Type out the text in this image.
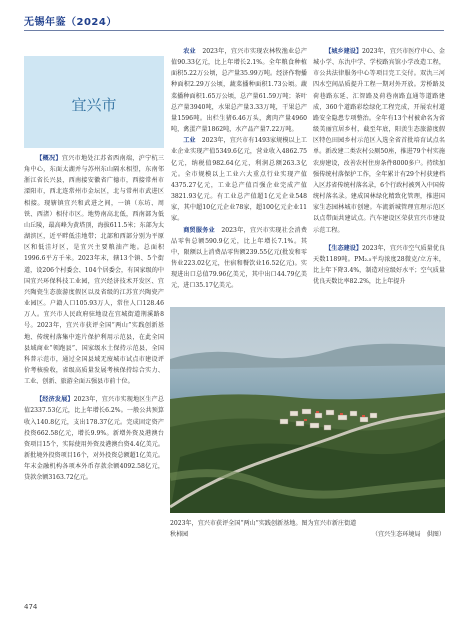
无锡年鉴（2024）
宜兴市

【概况】宜兴市地处江苏省西南端，沪宁杭三角中心，东面太湖并与苏州东山隔水相望，东南邻浙江省长兴县，西南接安徽省广德市，西接常州市溧阳市，西北连常州市金坛区，北与常州市武进区相接。现辖镇宜兴和武进之间，一镇（东坊、周铁、西渚）相付市区。地势南高北低，西南部为低山丘陵，最高峰为黄塔顶，海拔611.5米；东部为太湖滨区，近平畔低洼地带；北部和西部分别为平原区和低洼圩区，是宜兴主要粮油产地。总面积1996.6平方千米。2023年末，辖13个镇、5个街道，设206个村委会、104个居委会，有国家级的中国宜兴环保科技工业园，宜兴经济技术开发区、宜兴陶瓷生态旅游度假区以及省级的江苏宜兴陶瓷产业园区。户籍人口105.93万人，常住人口128.46万人。宜兴市人民政府驻地设在宜城街道荆溪路8号。2023年，宜兴市获评全国“两山”实践创新基地、传统村落集中连片保护利用示范县，在此全国县域商业“领跑县”、国家级水土保持示范县，全国科普示范市，通过全国县域无废城市试点市建设评价考核验收，省级高质量发展考核保持综合实力、工业、创新、旅游全面五强县市前十位。

【经济发展】2023年，宜兴市实现地区生产总值2337.53亿元，比上年增长6.2%。一般公共预算收入140.8亿元，支出178.37亿元。完成固定资产投资662.58亿元，增长9.9%。新增外资及港澳台资项目15个，实际使用外资及港澳台资4.4亿美元。新批境外投资项目16个，对外投资总额超1亿美元。年末金融机构各项本外币存款余额4092.58亿元，贷款余额3163.72亿元。

农业　 2023年，宜兴市实现农林牧渔业总产值90.33亿元，比上年增长2.1%。全年粮食种植面积5.22万公顷，总产量35.99万吨。经济作物播种面积2.29万公顷，蔬菜播种面积1.73公顷。蔬菜播种面积1.65万公顷，总产量61.59万吨；茶叶总产量3940吨，水果总产量3.33万吨，干果总产量1596吨。出栏生猪6.46万头，禽肉产量4960吨，禽蛋产量1862吨，水产品产量7.22万吨。

工业　 2023年，宜兴市有1493家规模以上工业企业实现产值5349.6亿元，营业收入4862.75亿元，纳税值982.64亿元，利润总额263.3亿元。全市规模以上工业六大重点行业实现产值4375.27亿元，工业总产值百强企业完成产值3821.93亿元。有工业总产值超1亿元企业548家，其中超10亿元企业78家，超100亿元企业11家。

商贸服务业　 2023年，宜兴市实现社会消费品零售总额590.9亿元，比上年增长7.1%。其中，限额以上消费品零售额239.55亿元(批发和零售业223.02亿元，住宿和餐饮业16.52亿元)。实现进出口总值79.96亿美元，其中出口44.79亿美元，进口35.17亿美元。

【城乡建设】2023年，宜兴市医疗中心、金城小学、东氿中学、学校路宾馆小学改造工程，市公共法律服务中心等项目完工交付。双氿三河四水空间品质提升工程一期对外开放。芳桥路及荷巷路东延、汇智路及荷巷南路直通等道路建成，360个道路彩绘绿化工程完成，开展农村道路安全隐患专项整治。全年有13个村被命名为省级美丽宜居乡村，截至年底，阳羡生态旅游度假区特色田园乡村示范区入选全省首批培育试点名单。新改建二类农村公厕50座，推进79个村实施农房建设，改善农村住房条件8000多户。持续加强传统村落保护工作，全年累计有29个村获建档入区苏省传统村落名录，6个行政村被列入中国传统村落名录。建成国林绿化精致化管理，推进国家生态园林城市创建。车流新城管理宜理示范区以点带面共建试点。汽车建设区荣获宜兴市建设示范工程。

【生态建设】2023年，宜兴市空气质量优良天数1189吨。PM₂.₅平均浓度28微克/立方米，比上年下降3.4%，制造对应级好水平；空气质量优良天数比率82.2%，比上年提升

2023年，宜兴市获评全国“两山”实践创新基地。图为宜兴市新庄街道
秋柿园	（宜兴生态环境局　供图）
474
